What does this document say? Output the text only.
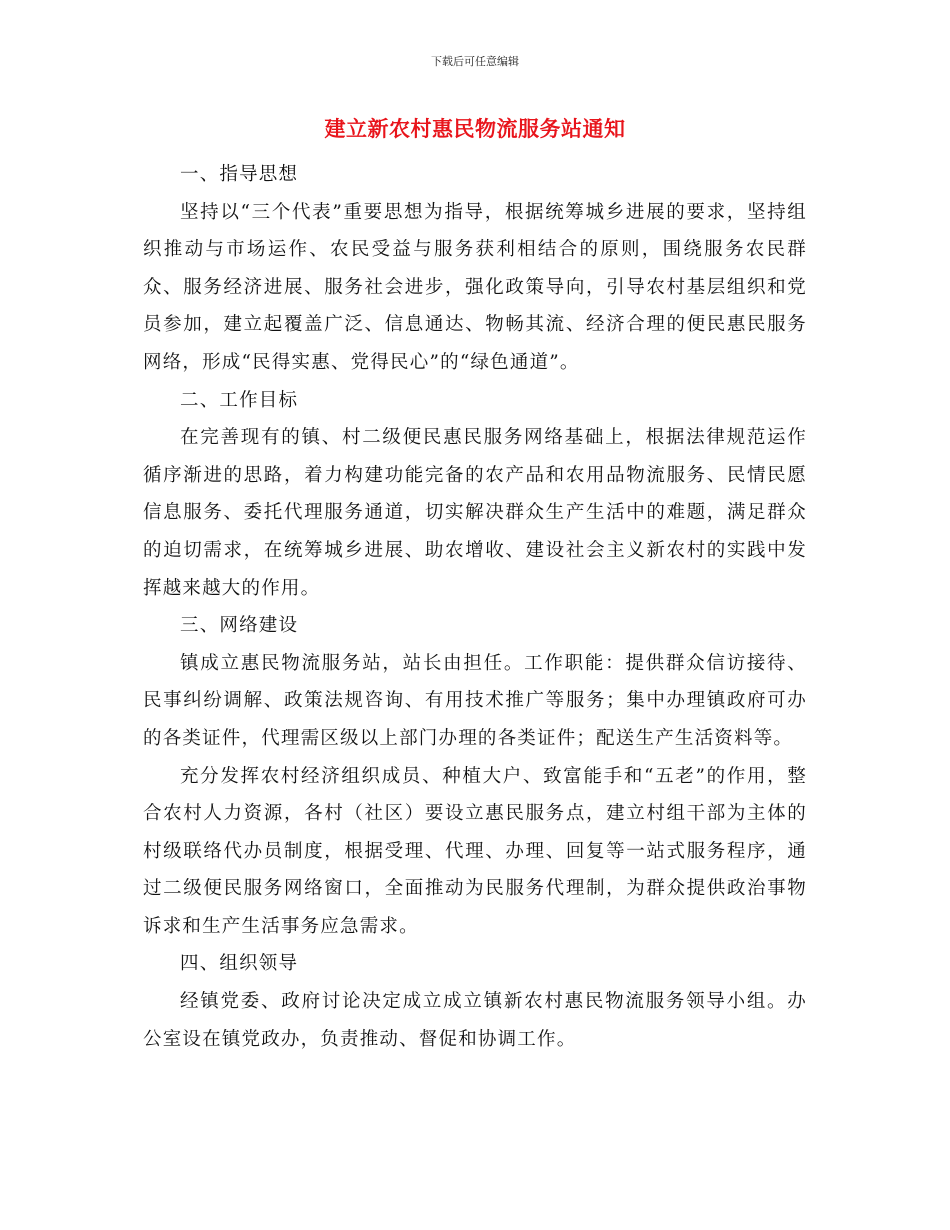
下载后可任意编辑
建立新农村惠民物流服务站通知

一、指导思想

坚持以“三个代表”重要思想为指导，根据统筹城乡进展的要求，坚持组织推动与市场运作、农民受益与服务获利相结合的原则，围绕服务农民群众、服务经济进展、服务社会进步，强化政策导向，引导农村基层组织和党员参加，建立起覆盖广泛、信息通达、物畅其流、经济合理的便民惠民服务网络，形成“民得实惠、党得民心”的“绿色通道”。

二、工作目标

在完善现有的镇、村二级便民惠民服务网络基础上，根据法律规范运作循序渐进的思路，着力构建功能完备的农产品和农用品物流服务、民情民愿信息服务、委托代理服务通道，切实解决群众生产生活中的难题，满足群众的迫切需求，在统筹城乡进展、助农增收、建设社会主义新农村的实践中发挥越来越大的作用。

三、网络建设

镇成立惠民物流服务站，站长由担任。工作职能：提供群众信访接待、民事纠纷调解、政策法规咨询、有用技术推广等服务；集中办理镇政府可办的各类证件，代理需区级以上部门办理的各类证件；配送生产生活资料等。

充分发挥农村经济组织成员、种植大户、致富能手和“五老”的作用，整合农村人力资源，各村（社区）要设立惠民服务点，建立村组干部为主体的村级联络代办员制度，根据受理、代理、办理、回复等一站式服务程序，通过二级便民服务网络窗口，全面推动为民服务代理制，为群众提供政治事物诉求和生产生活事务应急需求。

四、组织领导

经镇党委、政府讨论决定成立成立镇新农村惠民物流服务领导小组。办公室设在镇党政办，负责推动、督促和协调工作。
